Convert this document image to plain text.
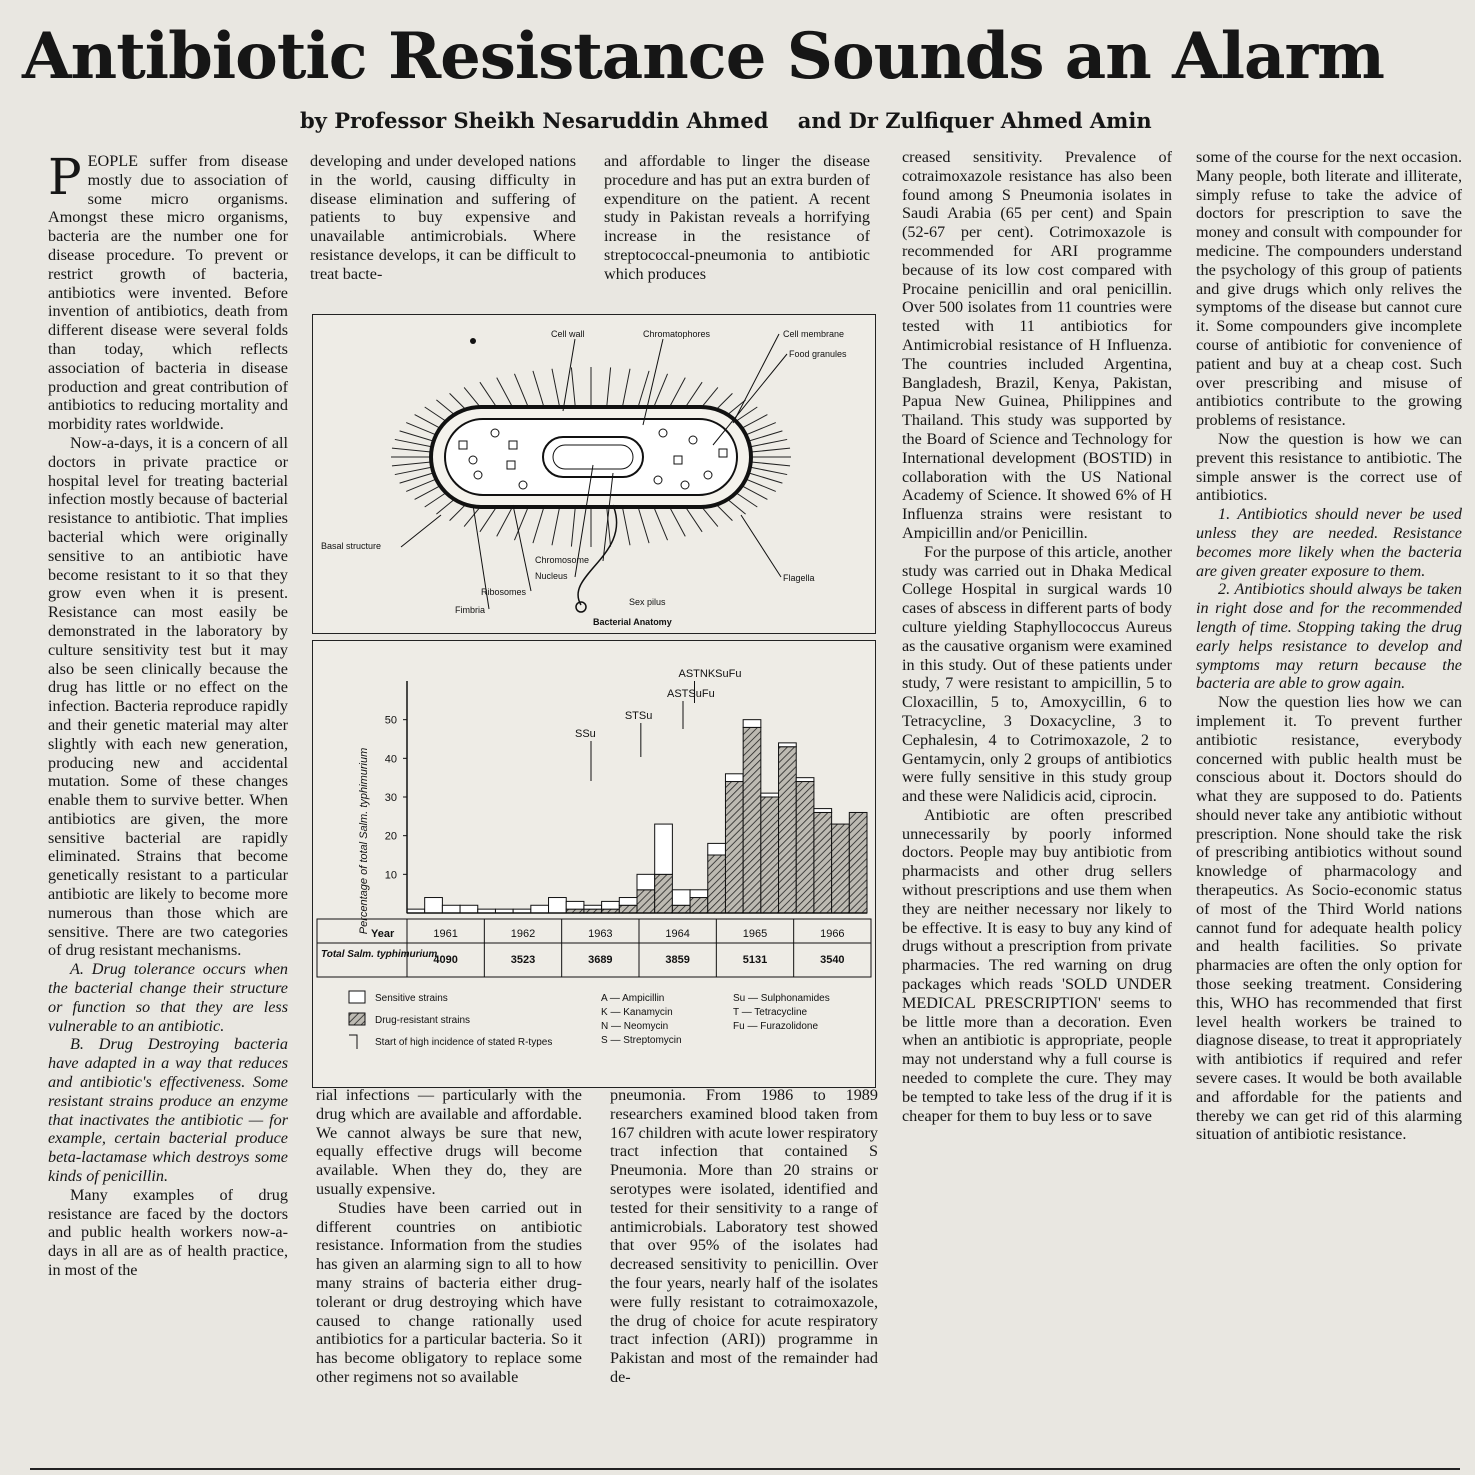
Antibiotic Resistance Sounds an Alarm
by Professor Sheikh Nesaruddin Ahmed and Dr Zulfiquer Ahmed Amin

PEOPLE suffer from disease mostly due to association of some micro organisms. Amongst these micro organisms, bacteria are the number one for disease procedure. To prevent or restrict growth of bacteria, antibiotics were invented. Before invention of antibiotics, death from different disease were several folds than today, which reflects association of bacteria in disease production and great contribution of antibiotics to reducing mortality and morbidity rates worldwide.

Now-a-days, it is a concern of all doctors in private practice or hospital level for treating bacterial infection mostly because of bacterial resistance to antibiotic. That implies bacterial which were originally sensitive to an antibiotic have become resistant to it so that they grow even when it is present. Resistance can most easily be demonstrated in the laboratory by culture sensitivity test but it may also be seen clinically because the drug has little or no effect on the infection. Bacteria reproduce rapidly and their genetic material may alter slightly with each new generation, producing new and accidental mutation. Some of these changes enable them to survive better. When antibiotics are given, the more sensitive bacterial are rapidly eliminated. Strains that become genetically resistant to a particular antibiotic are likely to become more numerous than those which are sensitive. There are two categories of drug resistant mechanisms.

A. Drug tolerance occurs when the bacterial change their structure or function so that they are less vulnerable to an antibiotic.

B. Drug Destroying bacteria have adapted in a way that reduces and antibiotic's effectiveness. Some resistant strains produce an enzyme that inactivates the antibiotic — for example, certain bacterial produce beta-lactamase which destroys some kinds of penicillin.

Many examples of drug resistance are faced by the doctors and public health workers now-a-days in all are as of health practice, in most of the

developing and under developed nations in the world, causing difficulty in disease elimination and suffering of patients to buy expensive and unavailable antimicrobials. Where resistance develops, it can be difficult to treat bacte-

and affordable to linger the disease procedure and has put an extra burden of expenditure on the patient. A recent study in Pakistan reveals a horrifying increase in the resistance of streptococcal-pneumonia to antibiotic which produces

Cell wall	Chromatophores	Cell membrane
Food granules
Basal structure
Chromosome
Nucleus
Ribosomes
Fimbria
Sex pilus
Flagella
Bacterial Anatomy
Percentage of total Salm. typhimurium 10
20
30
40
50
SSu
STSu
ASTSuFu
ASTNKSuFu
Year
Total Salm. typhimurium
1961
4090
1962
3523
1963
3689
1964
3859
1965
5131
1966
3540
Sensitive strains
Drug-resistant strains
Start of high incidence of stated R-types
A — Ampicillin
K — Kanamycin
N — Neomycin
S — Streptomycin
Su — Sulphonamides
T — Tetracycline
Fu — Furazolidone

rial infections — particularly with the drug which are available and affordable. We cannot always be sure that new, equally effective drugs will become available. When they do, they are usually expensive.

Studies have been carried out in different countries on antibiotic resistance. Information from the studies has given an alarming sign to all to how many strains of bacteria either drug-tolerant or drug destroying which have caused to change rationally used antibiotics for a particular bacteria. So it has become obligatory to replace some other regimens not so available

pneumonia. From 1986 to 1989 researchers examined blood taken from 167 children with acute lower respiratory tract infection that contained S Pneumonia. More than 20 strains or serotypes were isolated, identified and tested for their sensitivity to a range of antimicrobials. Laboratory test showed that over 95% of the isolates had decreased sensitivity to penicillin. Over the four years, nearly half of the isolates were fully resistant to cotraimoxazole, the drug of choice for acute respiratory tract infection (ARI)) programme in Pakistan and most of the remainder had de-

creased sensitivity. Prevalence of cotraimoxazole resistance has also been found among S Pneumonia isolates in Saudi Arabia (65 per cent) and Spain (52-67 per cent). Cotrimoxazole is recommended for ARI programme because of its low cost compared with Procaine penicillin and oral penicillin. Over 500 isolates from 11 countries were tested with 11 antibiotics for Antimicrobial resistance of H Influenza. The countries included Argentina, Bangladesh, Brazil, Kenya, Pakistan, Papua New Guinea, Philippines and Thailand. This study was supported by the Board of Science and Technology for International development (BOSTID) in collaboration with the US National Academy of Science. It showed 6% of H Influenza strains were resistant to Ampicillin and/or Penicillin.

For the purpose of this article, another study was carried out in Dhaka Medical College Hospital in surgical wards 10 cases of abscess in different parts of body culture yielding Staphyllococcus Aureus as the causative organism were examined in this study. Out of these patients under study, 7 were resistant to ampicillin, 5 to Cloxacillin, 5 to, Amoxycillin, 6 to Tetracycline, 3 Doxacycline, 3 to Cephalesin, 4 to Cotrimoxazole, 2 to Gentamycin, only 2 groups of antibiotics were fully sensitive in this study group and these were Nalidicis acid, ciprocin.

Antibiotic are often prescribed unnecessarily by poorly informed doctors. People may buy antibiotic from pharmacists and other drug sellers without prescriptions and use them when they are neither necessary nor likely to be effective. It is easy to buy any kind of drugs without a prescription from private pharmacies. The red warning on drug packages which reads 'SOLD UNDER MEDICAL PRESCRIPTION' seems to be little more than a decoration. Even when an antibiotic is appropriate, people may not understand why a full course is needed to complete the cure. They may be tempted to take less of the drug if it is cheaper for them to buy less or to save

some of the course for the next occasion. Many people, both literate and illiterate, simply refuse to take the advice of doctors for prescription to save the money and consult with compounder for medicine. The compounders understand the psychology of this group of patients and give drugs which only relives the symptoms of the disease but cannot cure it. Some compounders give incomplete course of antibiotic for convenience of patient and buy at a cheap cost. Such over prescribing and misuse of antibiotics contribute to the growing problems of resistance.

Now the question is how we can prevent this resistance to antibiotic. The simple answer is the correct use of antibiotics.

1. Antibiotics should never be used unless they are needed. Resistance becomes more likely when the bacteria are given greater exposure to them.

2. Antibiotics should always be taken in right dose and for the recommended length of time. Stopping taking the drug early helps resistance to develop and symptoms may return because the bacteria are able to grow again.

Now the question lies how we can implement it. To prevent further antibiotic resistance, everybody concerned with public health must be conscious about it. Doctors should do what they are supposed to do. Patients should never take any antibiotic without prescription. None should take the risk of prescribing antibiotics without sound knowledge of pharmacology and therapeutics. As Socio-economic status of most of the Third World nations cannot fund for adequate health policy and health facilities. So private pharmacies are often the only option for those seeking treatment. Considering this, WHO has recommended that first level health workers be trained to diagnose disease, to treat it appropriately with antibiotics if required and refer severe cases. It would be both available and affordable for the patients and thereby we can get rid of this alarming situation of antibiotic resistance.
